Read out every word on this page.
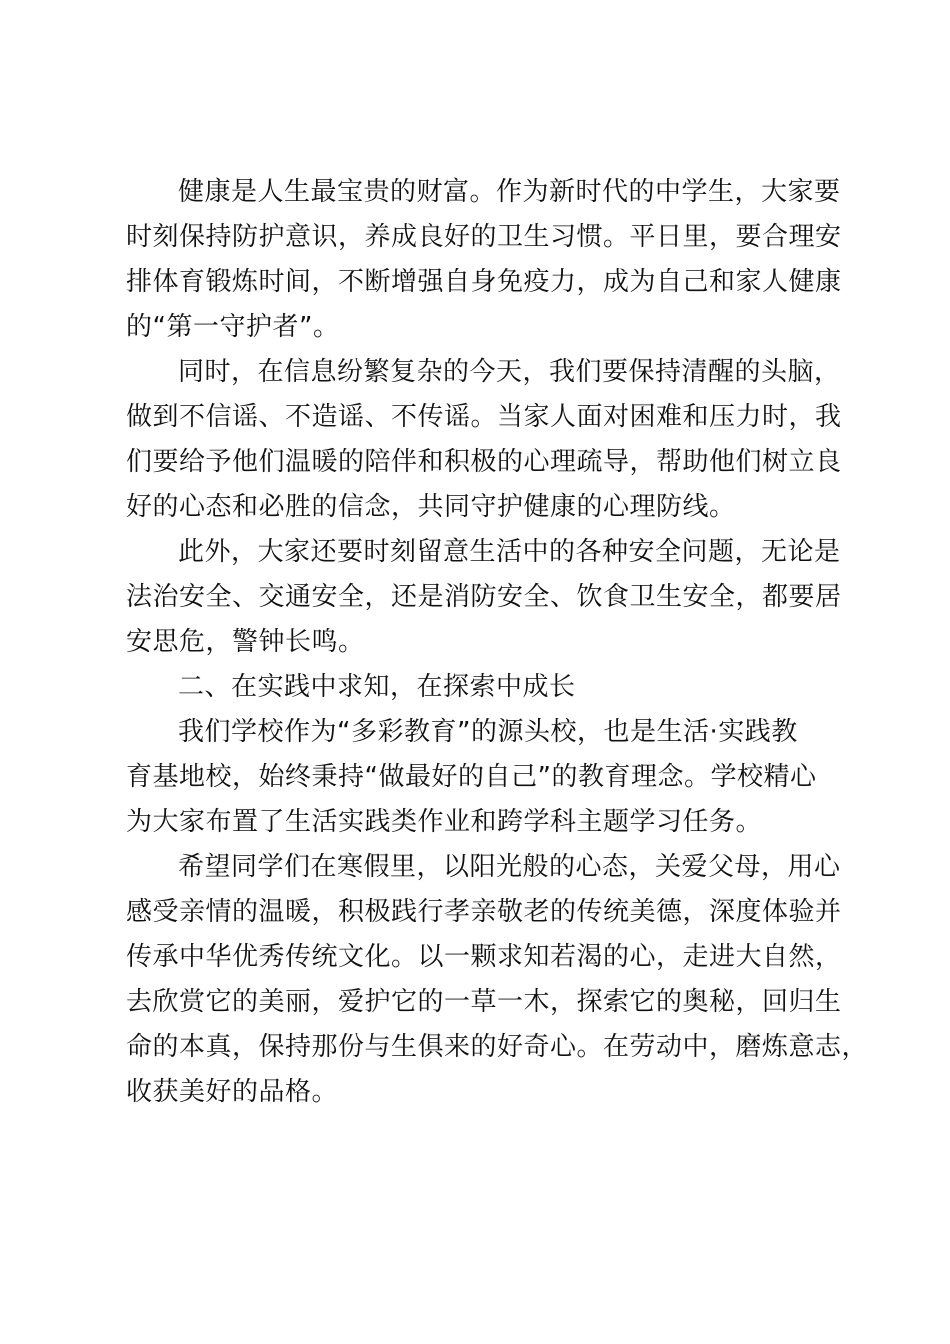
健康是人生最宝贵的财富。作为新时代的中学生，大家要
时刻保持防护意识，养成良好的卫生习惯。平日里，要合理安
排体育锻炼时间，不断增强自身免疫力，成为自己和家人健康
的“第一守护者”。
同时，在信息纷繁复杂的今天，我们要保持清醒的头脑，
做到不信谣、不造谣、不传谣。当家人面对困难和压力时，我
们要给予他们温暖的陪伴和积极的心理疏导，帮助他们树立良
好的心态和必胜的信念，共同守护健康的心理防线。
此外，大家还要时刻留意生活中的各种安全问题，无论是
法治安全、交通安全，还是消防安全、饮食卫生安全，都要居
安思危，警钟长鸣。
二、在实践中求知，在探索中成长
我们学校作为“多彩教育”的源头校，也是生活·实践教
育基地校，始终秉持“做最好的自己”的教育理念。学校精心
为大家布置了生活实践类作业和跨学科主题学习任务。
希望同学们在寒假里，以阳光般的心态，关爱父母，用心
感受亲情的温暖，积极践行孝亲敬老的传统美德，深度体验并
传承中华优秀传统文化。以一颗求知若渴的心，走进大自然，
去欣赏它的美丽，爱护它的一草一木，探索它的奥秘，回归生
命的本真，保持那份与生俱来的好奇心。在劳动中，磨炼意志，
收获美好的品格。
